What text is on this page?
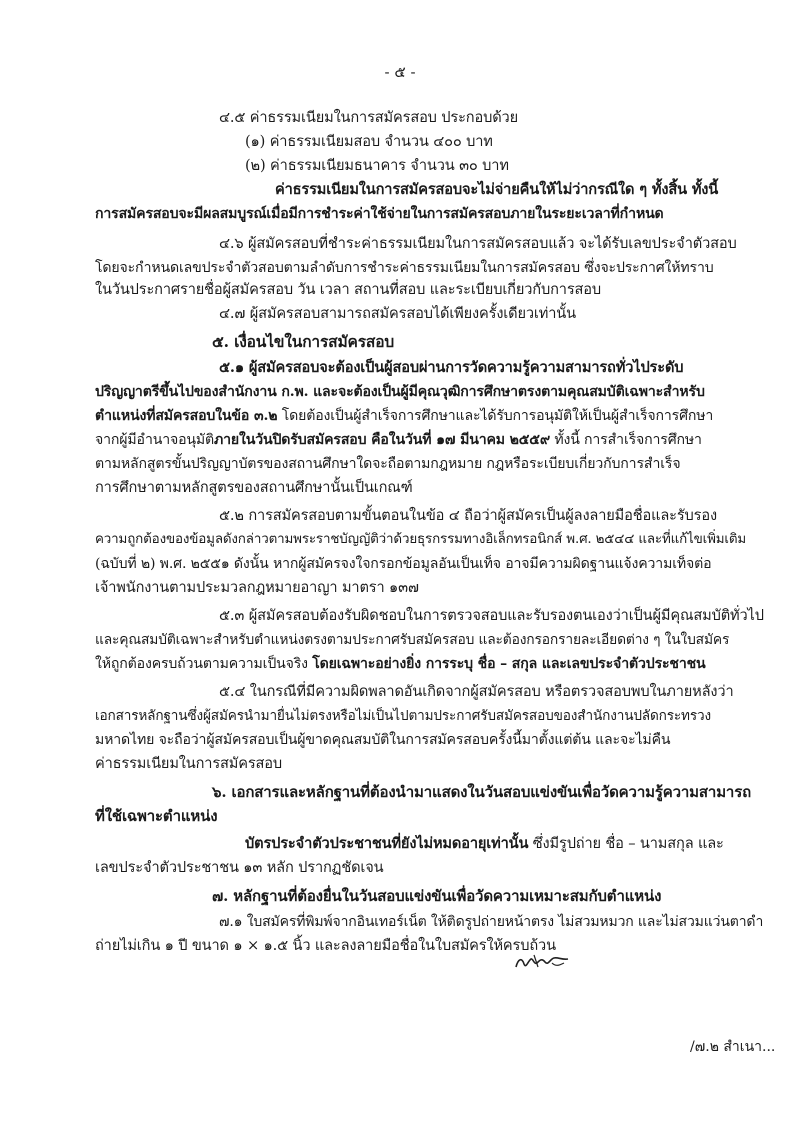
- ๕ -
๔.๕ ค่าธรรมเนียมในการสมัครสอบ ประกอบด้วย
(๑) ค่าธรรมเนียมสอบ จำนวน ๔๐๐ บาท
(๒) ค่าธรรมเนียมธนาคาร จำนวน ๓๐ บาท
ค่าธรรมเนียมในการสมัครสอบจะไม่จ่ายคืนให้ไม่ว่ากรณีใด ๆ ทั้งสิ้น ทั้งนี้
การสมัครสอบจะมีผลสมบูรณ์เมื่อมีการชำระค่าใช้จ่ายในการสมัครสอบภายในระยะเวลาที่กำหนด
๔.๖ ผู้สมัครสอบที่ชำระค่าธรรมเนียมในการสมัครสอบแล้ว จะได้รับเลขประจำตัวสอบ
โดยจะกำหนดเลขประจำตัวสอบตามลำดับการชำระค่าธรรมเนียมในการสมัครสอบ ซึ่งจะประกาศให้ทราบ
ในวันประกาศรายชื่อผู้สมัครสอบ วัน เวลา สถานที่สอบ และระเบียบเกี่ยวกับการสอบ
๔.๗ ผู้สมัครสอบสามารถสมัครสอบได้เพียงครั้งเดียวเท่านั้น
๕. เงื่อนไขในการสมัครสอบ
๕.๑ ผู้สมัครสอบจะต้องเป็นผู้สอบผ่านการวัดความรู้ความสามารถทั่วไประดับ
ปริญญาตรีขึ้นไปของสำนักงาน ก.พ. และจะต้องเป็นผู้มีคุณวุฒิการศึกษาตรงตามคุณสมบัติเฉพาะสำหรับ
ตำแหน่งที่สมัครสอบในข้อ ๓.๒ โดยต้องเป็นผู้สำเร็จการศึกษาและได้รับการอนุมัติให้เป็นผู้สำเร็จการศึกษา
จากผู้มีอำนาจอนุมัติภายในวันปิดรับสมัครสอบ คือในวันที่ ๑๗ มีนาคม ๒๕๕๙ ทั้งนี้ การสำเร็จการศึกษา
ตามหลักสูตรขั้นปริญญาบัตรของสถานศึกษาใดจะถือตามกฎหมาย กฎหรือระเบียบเกี่ยวกับการสำเร็จ
การศึกษาตามหลักสูตรของสถานศึกษานั้นเป็นเกณฑ์
๕.๒ การสมัครสอบตามขั้นตอนในข้อ ๔ ถือว่าผู้สมัครเป็นผู้ลงลายมือชื่อและรับรอง
ความถูกต้องของข้อมูลดังกล่าวตามพระราชบัญญัติว่าด้วยธุรกรรมทางอิเล็กทรอนิกส์ พ.ศ. ๒๕๔๔ และที่แก้ไขเพิ่มเติม
(ฉบับที่ ๒) พ.ศ. ๒๕๕๑ ดังนั้น หากผู้สมัครจงใจกรอกข้อมูลอันเป็นเท็จ อาจมีความผิดฐานแจ้งความเท็จต่อ
เจ้าพนักงานตามประมวลกฎหมายอาญา มาตรา ๑๓๗
๕.๓ ผู้สมัครสอบต้องรับผิดชอบในการตรวจสอบและรับรองตนเองว่าเป็นผู้มีคุณสมบัติทั่วไป
และคุณสมบัติเฉพาะสำหรับตำแหน่งตรงตามประกาศรับสมัครสอบ และต้องกรอกรายละเอียดต่าง ๆ ในใบสมัคร
ให้ถูกต้องครบถ้วนตามความเป็นจริง โดยเฉพาะอย่างยิ่ง การระบุ ชื่อ – สกุล และเลขประจำตัวประชาชน
๕.๔ ในกรณีที่มีความผิดพลาดอันเกิดจากผู้สมัครสอบ หรือตรวจสอบพบในภายหลังว่า
เอกสารหลักฐานซึ่งผู้สมัครนำมายื่นไม่ตรงหรือไม่เป็นไปตามประกาศรับสมัครสอบของสำนักงานปลัดกระทรวง
มหาดไทย จะถือว่าผู้สมัครสอบเป็นผู้ขาดคุณสมบัติในการสมัครสอบครั้งนี้มาตั้งแต่ต้น และจะไม่คืน
ค่าธรรมเนียมในการสมัครสอบ
๖. เอกสารและหลักฐานที่ต้องนำมาแสดงในวันสอบแข่งขันเพื่อวัดความรู้ความสามารถ
ที่ใช้เฉพาะตำแหน่ง
บัตรประจำตัวประชาชนที่ยังไม่หมดอายุเท่านั้น ซึ่งมีรูปถ่าย ชื่อ – นามสกุล และ
เลขประจำตัวประชาชน ๑๓ หลัก ปรากฏชัดเจน
๗. หลักฐานที่ต้องยื่นในวันสอบแข่งขันเพื่อวัดความเหมาะสมกับตำแหน่ง
๗.๑ ใบสมัครที่พิมพ์จากอินเทอร์เน็ต ให้ติดรูปถ่ายหน้าตรง ไม่สวมหมวก และไม่สวมแว่นตาดำ
ถ่ายไม่เกิน ๑ ปี ขนาด ๑ × ๑.๕ นิ้ว และลงลายมือชื่อในใบสมัครให้ครบถ้วน
/๗.๒ สำเนา...
